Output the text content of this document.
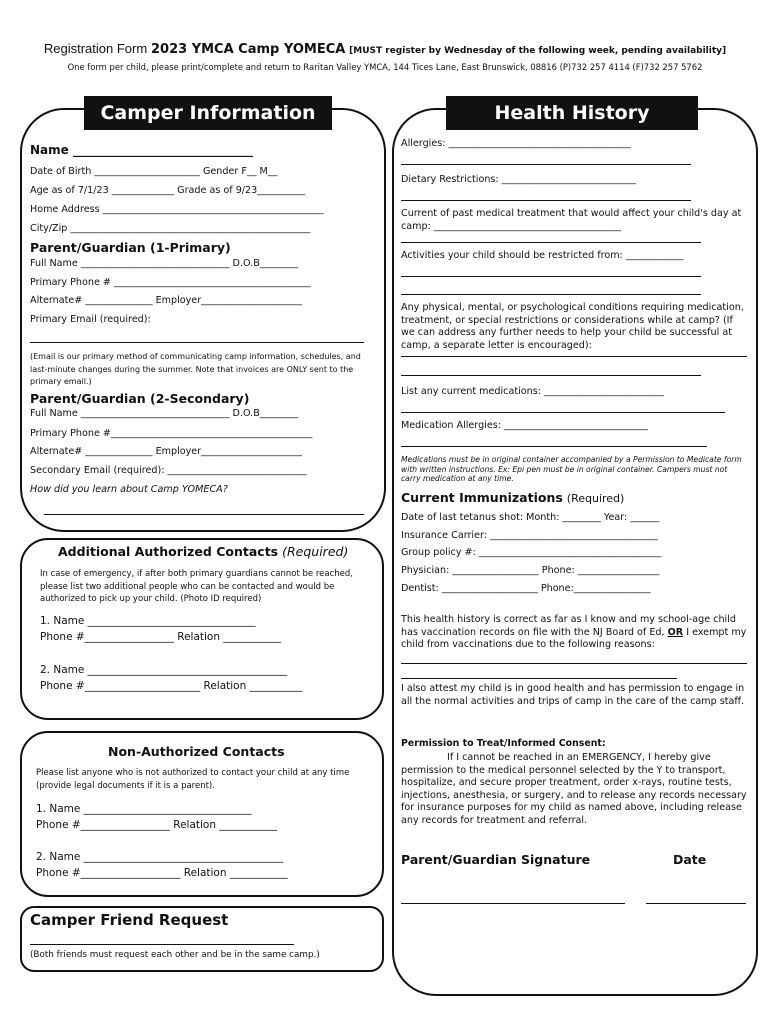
Registration Form 2023 YMCA Camp YOMECA [MUST register by Wednesday of the following week, pending availability]
One form per child, please print/complete and return to Raritan Valley YMCA, 144 Tices Lane, East Brunswick, 08816 (P)732 257 4114 (F)732 257 5762
Camper Information
Name ______________________________
Date of Birth ______________________ Gender F__ M__
Age as of 7/1/23 _____________ Grade as of 9/23__________
Home Address ______________________________________________
City/Zip __________________________________________________
Parent/Guardian (1-Primary)
Full Name _______________________________ D.O.B________
Primary Phone # _________________________________________
Alternate# ______________ Employer_____________________
Primary Email (required):
(Email is our primary method of communicating camp information, schedules, and last-minute changes during the summer. Note that invoices are ONLY sent to the primary email.)
Parent/Guardian (2-Secondary)
Full Name _______________________________ D.O.B________
Primary Phone #__________________________________________
Alternate# ______________ Employer_____________________
Secondary Email (required): _____________________________
How did you learn about Camp YOMECA?
Additional Authorized Contacts (Required)
In case of emergency, if after both primary guardians cannot be reached, please list two additional people who can be contacted and would be authorized to pick up your child. (Photo ID required)
1. Name ________________________________
Phone #_________________ Relation ___________
2. Name ______________________________________
Phone #______________________ Relation __________
Non-Authorized Contacts
Please list anyone who is not authorized to contact your child at any time (provide legal documents if it is a parent).
1. Name ________________________________
Phone #_________________ Relation ___________
2. Name ______________________________________
Phone #___________________ Relation ___________
Camper Friend Request
(Both friends must request each other and be in the same camp.)
Health History
Allergies: ______________________________________
Dietary Restrictions: ____________________________
Current of past medical treatment that would affect your child's day at camp: _______________________________________
Activities your child should be restricted from: ____________
Any physical, mental, or psychological conditions requiring medication, treatment, or special restrictions or considerations while at camp? (If we can address any further needs to help your child be successful at camp, a separate letter is encouraged):
List any current medications: _________________________
Medication Allergies: ______________________________
Medications must be in original container accompanied by a Permission to Medicate form with written instructions. Ex: Epi pen must be in original container. Campers must not carry medication at any time.
Current Immunizations (Required)
Date of last tetanus shot: Month: ________ Year: ______
Insurance Carrier: ___________________________________
Group policy #: ______________________________________
Physician: __________________ Phone: _________________
Dentist: ____________________ Phone:________________
This health history is correct as far as I know and my school-age child has vaccination records on file with the NJ Board of Ed, OR I exempt my child from vaccinations due to the following reasons:
I also attest my child is in good health and has permission to engage in all the normal activities and trips of camp in the care of the camp staff.
Permission to Treat/Informed Consent:
If I cannot be reached in an EMERGENCY, I hereby give permission to the medical personnel selected by the Y to transport, hospitalize, and secure proper treatment, order x-rays, routine tests, injections, anesthesia, or surgery, and to release any records necessary for insurance purposes for my child as named above, including release any records for treatment and referral.
Parent/Guardian Signature	Date
